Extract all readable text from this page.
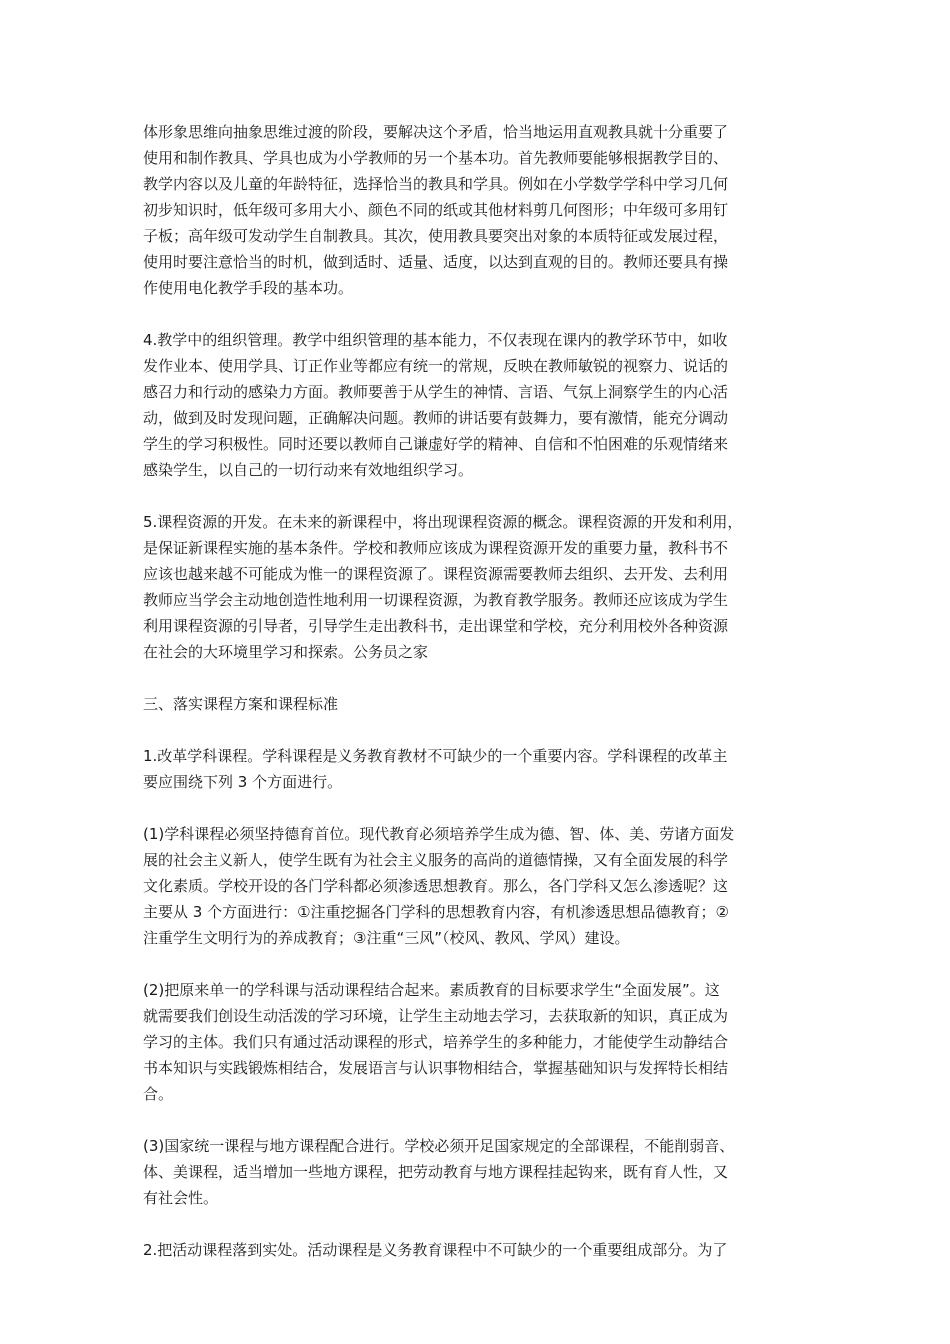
体形象思维向抽象思维过渡的阶段，要解决这个矛盾，恰当地运用直观教具就十分重要了
使用和制作教具、学具也成为小学教师的另一个基本功。首先教师要能够根据教学目的、
教学内容以及儿童的年龄特征，选择恰当的教具和学具。例如在小学数学学科中学习几何
初步知识时，低年级可多用大小、颜色不同的纸或其他材料剪几何图形；中年级可多用钉
子板；高年级可发动学生自制教具。其次，使用教具要突出对象的本质特征或发展过程，
使用时要注意恰当的时机，做到适时、适量、适度，以达到直观的目的。教师还要具有操
作使用电化教学手段的基本功。
4.教学中的组织管理。教学中组织管理的基本能力，不仅表现在课内的教学环节中，如收
发作业本、使用学具、订正作业等都应有统一的常规，反映在教师敏锐的视察力、说话的
感召力和行动的感染力方面。教师要善于从学生的神情、言语、气氛上洞察学生的内心活
动，做到及时发现问题，正确解决问题。教师的讲话要有鼓舞力，要有激情，能充分调动
学生的学习积极性。同时还要以教师自己谦虚好学的精神、自信和不怕困难的乐观情绪来
感染学生，以自己的一切行动来有效地组织学习。
5.课程资源的开发。在未来的新课程中，将出现课程资源的概念。课程资源的开发和利用，
是保证新课程实施的基本条件。学校和教师应该成为课程资源开发的重要力量，教科书不
应该也越来越不可能成为惟一的课程资源了。课程资源需要教师去组织、去开发、去利用
教师应当学会主动地创造性地利用一切课程资源，为教育教学服务。教师还应该成为学生
利用课程资源的引导者，引导学生走出教科书，走出课堂和学校，充分利用校外各种资源
在社会的大环境里学习和探索。公务员之家
三、落实课程方案和课程标准
1.改革学科课程。学科课程是义务教育教材不可缺少的一个重要内容。学科课程的改革主
要应围绕下列 3 个方面进行。
(1)学科课程必须坚持德育首位。现代教育必须培养学生成为德、智、体、美、劳诸方面发
展的社会主义新人，使学生既有为社会主义服务的高尚的道德情操，又有全面发展的科学
文化素质。学校开设的各门学科都必须渗透思想教育。那么，各门学科又怎么渗透呢？这
主要从 3 个方面进行：①注重挖掘各门学科的思想教育内容，有机渗透思想品德教育；②
注重学生文明行为的养成教育；③注重“三风”（校风、教风、学风）建设。
(2)把原来单一的学科课与活动课程结合起来。素质教育的目标要求学生“全面发展”。这
就需要我们创设生动活泼的学习环境，让学生主动地去学习，去获取新的知识，真正成为
学习的主体。我们只有通过活动课程的形式，培养学生的多种能力，才能使学生动静结合
书本知识与实践锻炼相结合，发展语言与认识事物相结合，掌握基础知识与发挥特长相结
合。
(3)国家统一课程与地方课程配合进行。学校必须开足国家规定的全部课程，不能削弱音、
体、美课程，适当增加一些地方课程，把劳动教育与地方课程挂起钩来，既有育人性，又
有社会性。
2.把活动课程落到实处。活动课程是义务教育课程中不可缺少的一个重要组成部分。为了
